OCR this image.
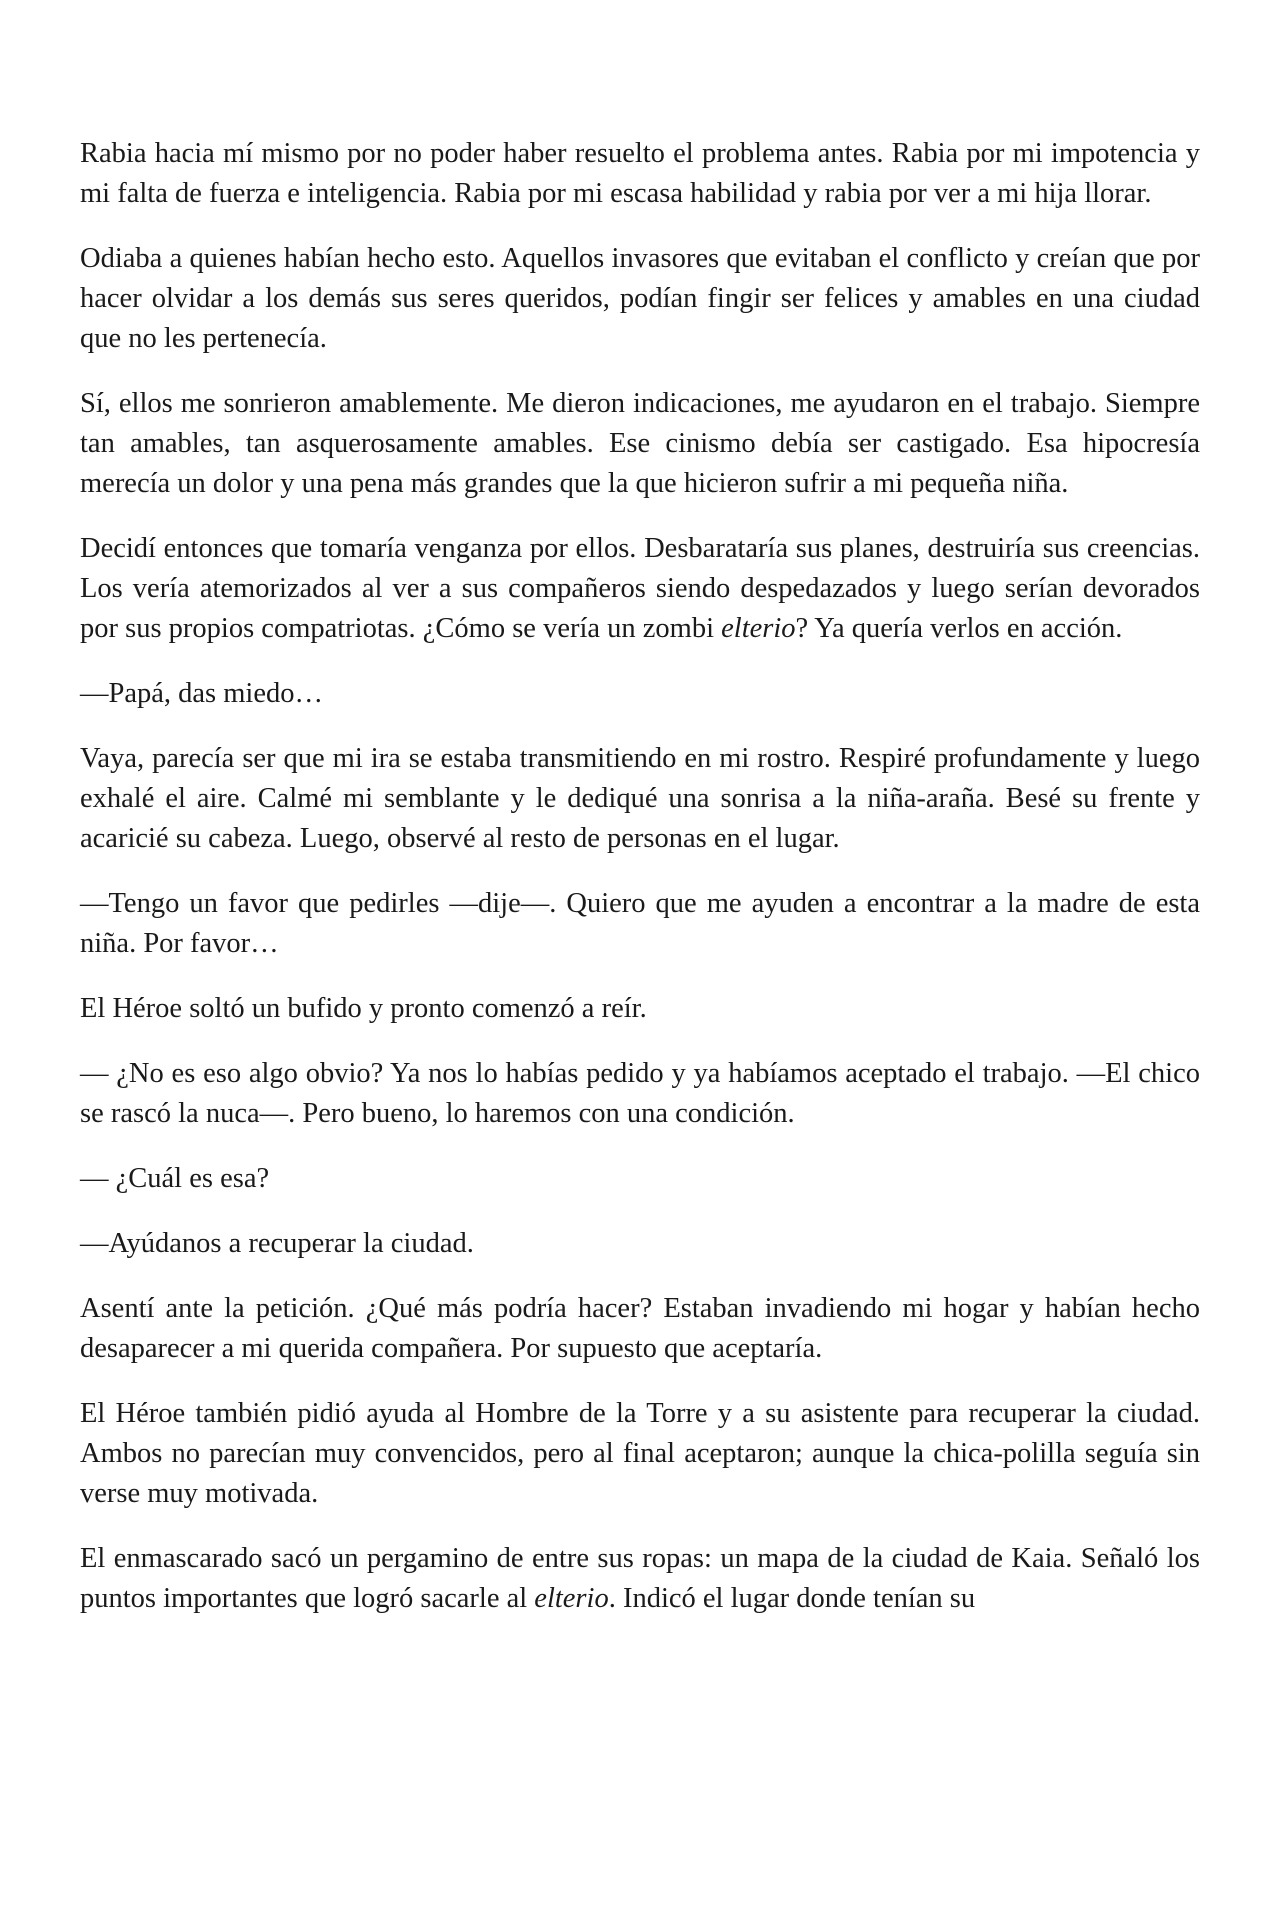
Rabia hacia mí mismo por no poder haber resuelto el problema antes. Rabia por mi impotencia y mi falta de fuerza e inteligencia. Rabia por mi escasa habilidad y rabia por ver a mi hija llorar.

Odiaba a quienes habían hecho esto. Aquellos invasores que evitaban el conflicto y creían que por hacer olvidar a los demás sus seres queridos, podían fingir ser felices y amables en una ciudad que no les pertenecía.

Sí, ellos me sonrieron amablemente. Me dieron indicaciones, me ayudaron en el trabajo. Siempre tan amables, tan asquerosamente amables. Ese cinismo debía ser castigado. Esa hipocresía merecía un dolor y una pena más grandes que la que hicieron sufrir a mi pequeña niña.

Decidí entonces que tomaría venganza por ellos. Desbarataría sus planes, destruiría sus creencias. Los vería atemorizados al ver a sus compañeros siendo despedazados y luego serían devorados por sus propios compatriotas. ¿Cómo se vería un zombi elterio? Ya quería verlos en acción.

—Papá, das miedo…

Vaya, parecía ser que mi ira se estaba transmitiendo en mi rostro. Respiré profundamente y luego exhalé el aire. Calmé mi semblante y le dediqué una sonrisa a la niña-araña. Besé su frente y acaricié su cabeza. Luego, observé al resto de personas en el lugar.

—Tengo un favor que pedirles —dije—. Quiero que me ayuden a encontrar a la madre de esta niña. Por favor…

El Héroe soltó un bufido y pronto comenzó a reír.

— ¿No es eso algo obvio? Ya nos lo habías pedido y ya habíamos aceptado el trabajo. —El chico se rascó la nuca—. Pero bueno, lo haremos con una condición.

— ¿Cuál es esa?

—Ayúdanos a recuperar la ciudad.

Asentí ante la petición. ¿Qué más podría hacer? Estaban invadiendo mi hogar y habían hecho desaparecer a mi querida compañera. Por supuesto que aceptaría.

El Héroe también pidió ayuda al Hombre de la Torre y a su asistente para recuperar la ciudad. Ambos no parecían muy convencidos, pero al final aceptaron; aunque la chica-polilla seguía sin verse muy motivada.

El enmascarado sacó un pergamino de entre sus ropas: un mapa de la ciudad de Kaia. Señaló los puntos importantes que logró sacarle al elterio. Indicó el lugar donde tenían su
